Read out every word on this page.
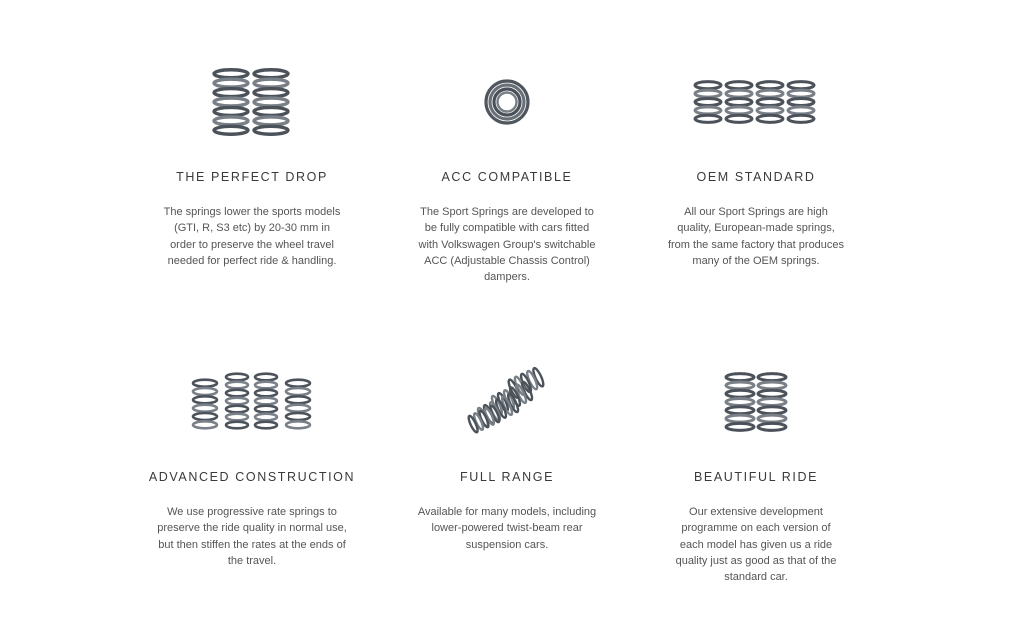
THE PERFECT DROP
The springs lower the sports models (GTI, R, S3 etc) by 20-30 mm in order to preserve the wheel travel needed for perfect ride & handling.
ACC COMPATIBLE
The Sport Springs are developed to be fully compatible with cars fitted with Volkswagen Group's switchable ACC (Adjustable Chassis Control) dampers.
OEM STANDARD
All our Sport Springs are high quality, European-made springs, from the same factory that produces many of the OEM springs.
ADVANCED CONSTRUCTION
We use progressive rate springs to preserve the ride quality in normal use, but then stiffen the rates at the ends of the travel.
FULL RANGE
Available for many models, including lower-powered twist-beam rear suspension cars.
BEAUTIFUL RIDE
Our extensive development programme on each version of each model has given us a ride quality just as good as that of the standard car.
